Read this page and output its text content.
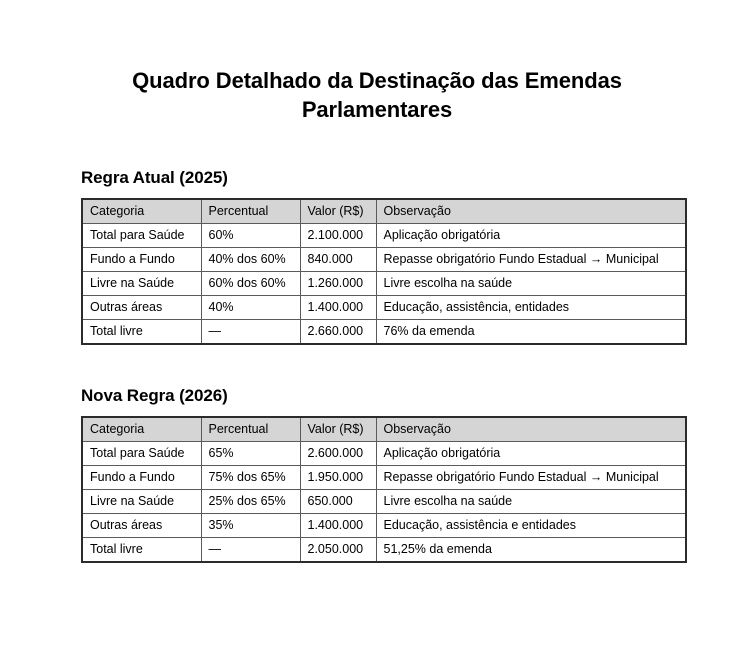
Quadro Detalhado da Destinação das Emendas Parlamentares
Regra Atual (2025)
Categoria	Percentual	Valor (R$)	Observação
Total para Saúde	60%	2.100.000	Aplicação obrigatória
Fundo a Fundo	40% dos 60%	840.000	Repasse obrigatório Fundo Estadual → Municipal
Livre na Saúde	60% dos 60%	1.260.000	Livre escolha na saúde
Outras áreas	40%	1.400.000	Educação, assistência, entidades
Total livre	—	2.660.000	76% da emenda
Nova Regra (2026)
Categoria	Percentual	Valor (R$)	Observação
Total para Saúde	65%	2.600.000	Aplicação obrigatória
Fundo a Fundo	75% dos 65%	1.950.000	Repasse obrigatório Fundo Estadual → Municipal
Livre na Saúde	25% dos 65%	650.000	Livre escolha na saúde
Outras áreas	35%	1.400.000	Educação, assistência e entidades
Total livre	—	2.050.000	51,25% da emenda
